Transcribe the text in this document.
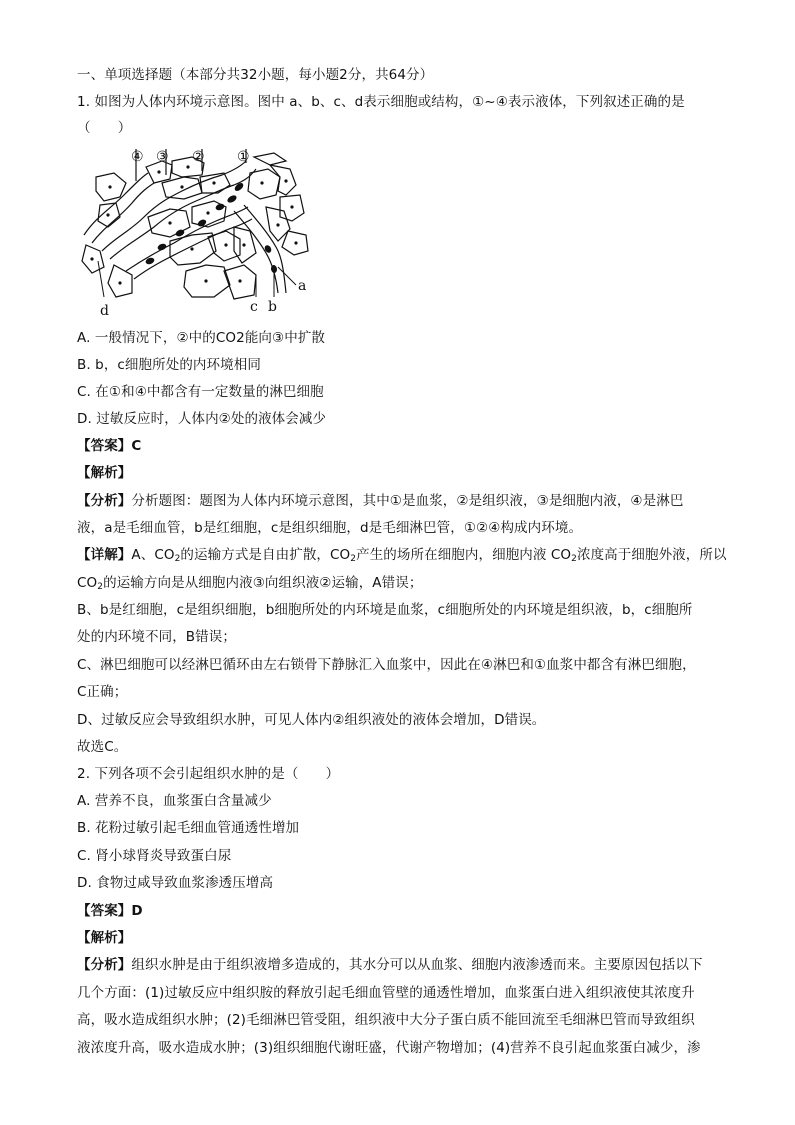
一、单项选择题（本部分共32小题，每小题2分，共64分）
1. 如图为人体内环境示意图。图中 a、b、c、d表示细胞或结构，①~④表示液体，下列叙述正确的是
（　　）
④ ③ ② ①
a
b
c
d
A. 一般情况下，②中的CO2能向③中扩散
B. b，c细胞所处的内环境相同
C. 在①和④中都含有一定数量的淋巴细胞
D. 过敏反应时，人体内②处的液体会减少
【答案】C
【解析】
【分析】分析题图：题图为人体内环境示意图，其中①是血浆，②是组织液，③是细胞内液，④是淋巴
液，a是毛细血管，b是红细胞，c是组织细胞，d是毛细淋巴管，①②④构成内环境。
【详解】A、$CO_2$的运输方式是自由扩散，$CO_2$产生的场所在细胞内，细胞内液 $CO_2$浓度高于细胞外液，所以
$CO_2$的运输方向是从细胞内液③向组织液②运输，A错误；
B、b是红细胞，c是组织细胞，b细胞所处的内环境是血浆，c细胞所处的内环境是组织液，b，c细胞所
处的内环境不同，B错误；
C、淋巴细胞可以经淋巴循环由左右锁骨下静脉汇入血浆中，因此在④淋巴和①血浆中都含有淋巴细胞，
C正确；
D、过敏反应会导致组织水肿，可见人体内②组织液处的液体会增加，D错误。
故选C。
2. 下列各项不会引起组织水肿的是（　　）
A. 营养不良，血浆蛋白含量减少
B. 花粉过敏引起毛细血管通透性增加
C. 肾小球肾炎导致蛋白尿
D. 食物过咸导致血浆渗透压增高
【答案】D
【解析】
【分析】组织水肿是由于组织液增多造成的，其水分可以从血浆、细胞内液渗透而来。主要原因包括以下
几个方面：(1)过敏反应中组织胺的释放引起毛细血管壁的通透性增加，血浆蛋白进入组织液使其浓度升
高，吸水造成组织水肿；(2)毛细淋巴管受阻，组织液中大分子蛋白质不能回流至毛细淋巴管而导致组织
液浓度升高，吸水造成水肿；(3)组织细胞代谢旺盛，代谢产物增加；(4)营养不良引起血浆蛋白减少，渗
